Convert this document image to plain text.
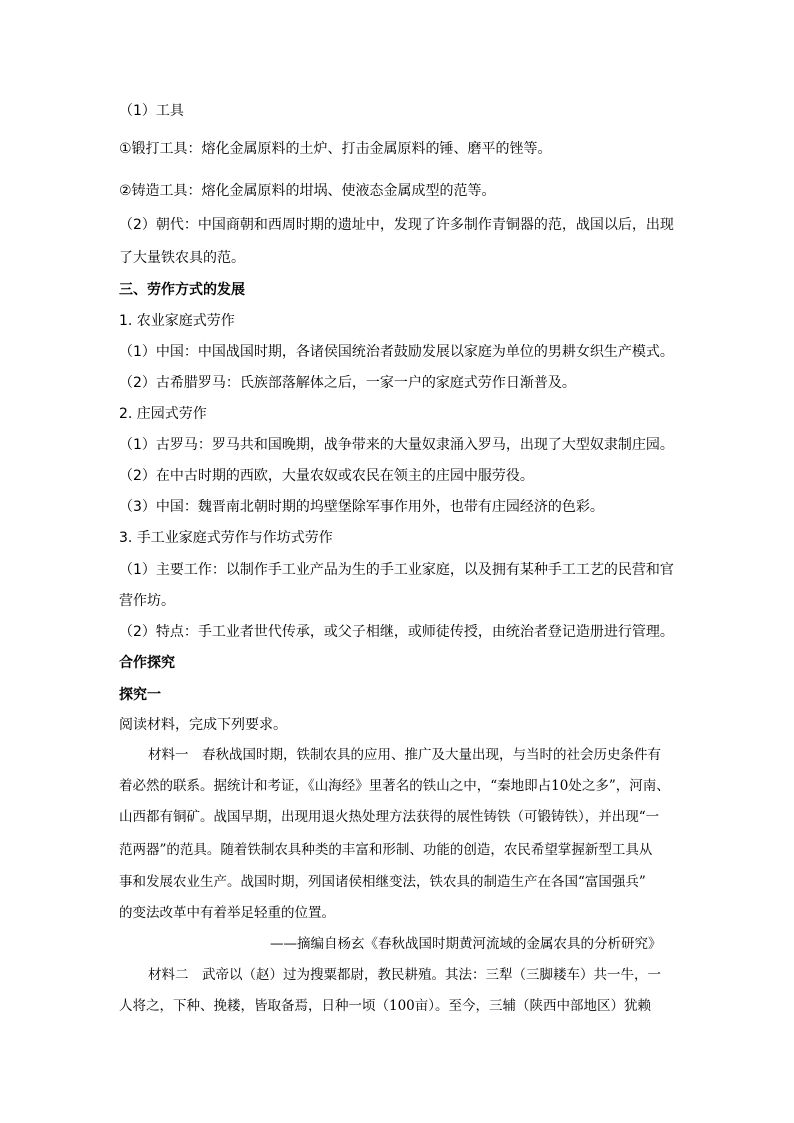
（1）工具
①锻打工具：熔化金属原料的土炉、打击金属原料的锤、磨平的锉等。
②铸造工具：熔化金属原料的坩埚、使液态金属成型的范等。
（2）朝代：中国商朝和西周时期的遗址中，发现了许多制作青铜器的范，战国以后，出现
了大量铁农具的范。
三、劳作方式的发展
1. 农业家庭式劳作
（1）中国：中国战国时期，各诸侯国统治者鼓励发展以家庭为单位的男耕女织生产模式。
（2）古希腊罗马：氏族部落解体之后，一家一户的家庭式劳作日渐普及。
2. 庄园式劳作
（1）古罗马：罗马共和国晚期，战争带来的大量奴隶涌入罗马，出现了大型奴隶制庄园。
（2）在中古时期的西欧，大量农奴或农民在领主的庄园中服劳役。
（3）中国：魏晋南北朝时期的坞壁堡除军事作用外，也带有庄园经济的色彩。
3. 手工业家庭式劳作与作坊式劳作
（1）主要工作：以制作手工业产品为生的手工业家庭，以及拥有某种手工工艺的民营和官
营作坊。
（2）特点：手工业者世代传承，或父子相继，或师徒传授，由统治者登记造册进行管理。
合作探究
探究一
阅读材料，完成下列要求。
材料一　春秋战国时期，铁制农具的应用、推广及大量出现，与当时的社会历史条件有
着必然的联系。据统计和考证，《山海经》里著名的铁山之中，“秦地即占10处之多”，河南、
山西都有铜矿。战国早期，出现用退火热处理方法获得的展性铸铁（可锻铸铁），并出现“一
范两器”的范具。随着铁制农具种类的丰富和形制、功能的创造，农民希望掌握新型工具从
事和发展农业生产。战国时期，列国诸侯相继变法，铁农具的制造生产在各国“富国强兵”
的变法改革中有着举足轻重的位置。
——摘编自杨玄《春秋战国时期黄河流域的金属农具的分析研究》
材料二　武帝以（赵）过为搜粟都尉，教民耕殖。其法：三犁（三脚耧车）共一牛，一
人将之，下种、挽耧，皆取备焉，日种一顷（100亩）。至今，三辅（陕西中部地区）犹赖
